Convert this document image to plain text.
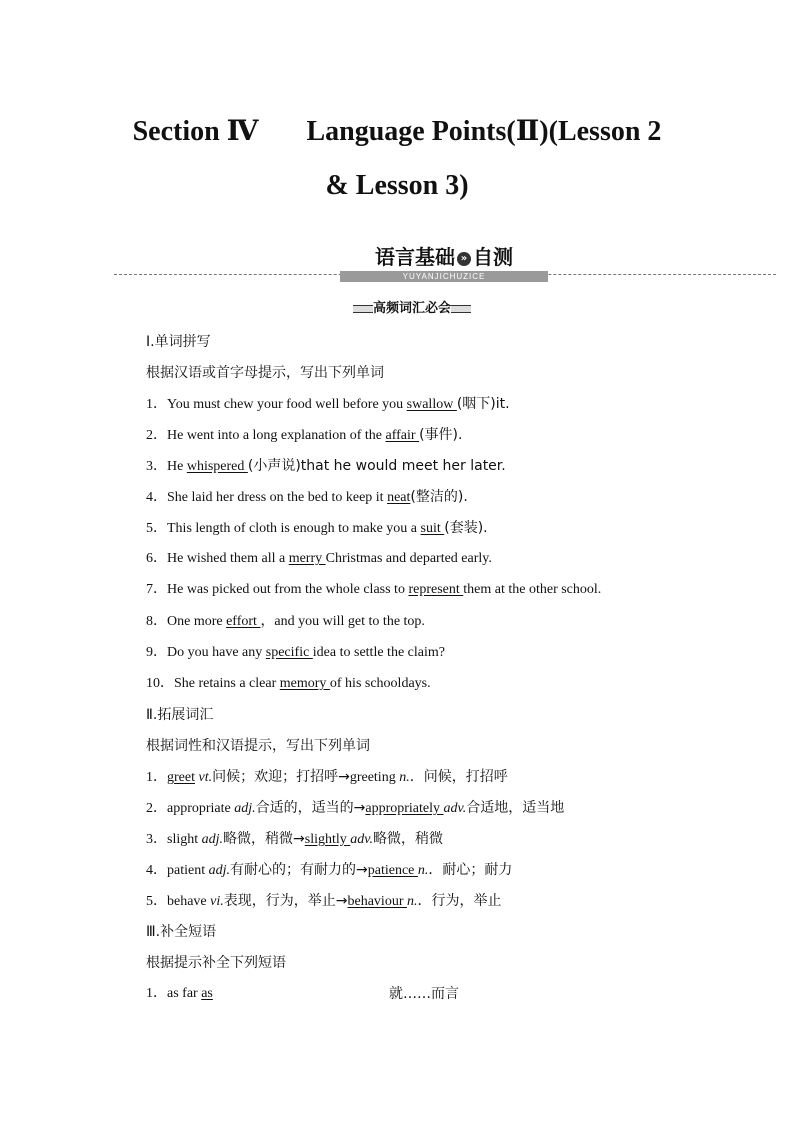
Section Ⅳ Language Points(Ⅱ)(Lesson 2
& Lesson 3)
语言基础 » 自测
YUYANJICHUZICE
高频词汇必会
Ⅰ.单词拼写
根据汉语或首字母提示，写出下列单词
1．You must chew your food well before you swallow (咽下)it.
2．He went into a long explanation of the affair (事件).
3．He whispered (小声说)that he would meet her later.
4．She laid her dress on the bed to keep it neat(整洁的).
5．This length of cloth is enough to make you a suit (套装).
6．He wished them all a merry Christmas and departed early.
7．He was picked out from the whole class to represent them at the other school.
8．One more effort ，and you will get to the top.
9．Do you have any specific idea to settle the claim?
10．She retains a clear memory of his schooldays.
Ⅱ.拓展词汇
根据词性和汉语提示，写出下列单词
1．greet vt.问候；欢迎；打招呼→greeting n.．问候，打招呼
2．appropriate adj.合适的，适当的→appropriately adv.合适地，适当地
3．slight adj.略微，稍微→slightly adv.略微，稍微
4．patient adj.有耐心的；有耐力的→patience n.．耐心；耐力
5．behave vi.表现，行为，举止→behaviour n.．行为，举止
Ⅲ.补全短语
根据提示补全下列短语
1．as far as	就……而言
